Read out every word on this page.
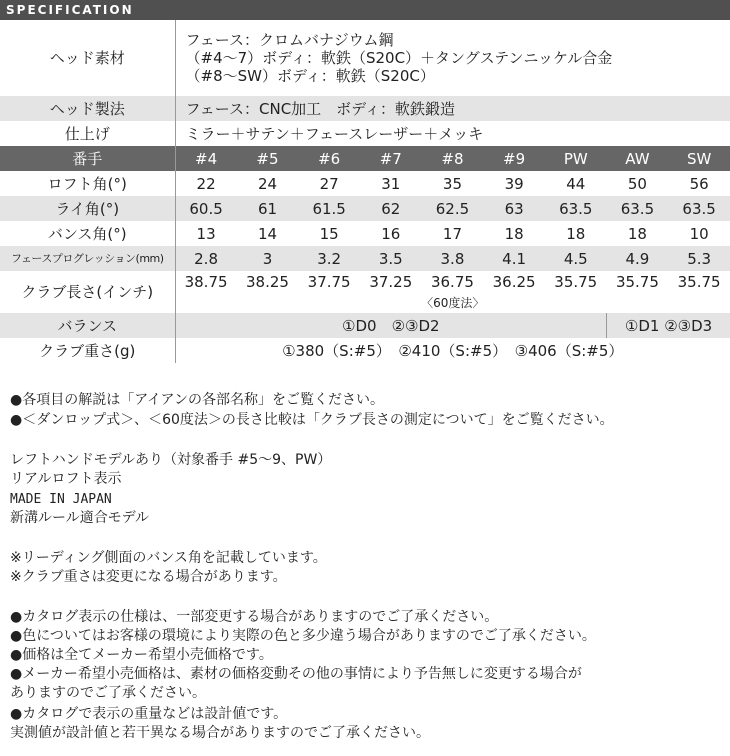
SPECIFICATION
ヘッド素材	フェース：クロムバナジウム鋼
（#4～7）ボディ：軟鉄（S20C）＋タングステンニッケル合金
（#8～SW）ボディ：軟鉄（S20C）								

ヘッド製法	フェース：CNC加工　ボディ：軟鉄鍛造								
仕上げ	ミラー＋サテン＋フェースレーザー＋メッキ								
番手	#4	#5	#6	#7	#8	#9	PW	AW	SW
ロフト角(°)	22	24	27	31	35	39	44	50	56
ライ角(°)	60.5	61	61.5	62	62.5	63	63.5	63.5	63.5
バンス角(°)	13	14	15	16	17	18	18	18	10
フェースプログレッション(mm)	2.8	3	3.2	3.5	3.8	4.1	4.5	4.9	5.3
クラブ長さ(インチ)	38.75	38.25	37.75	37.25	36.75	36.25	35.75	35.75	35.75
	〈60度法〉								
バランス	①D0　②③D2							①D1 ②③D3	
クラブ重さ(g)	①380（S:#5）　②410（S:#5）　③406（S:#5）								
●各項目の解説は「アイアンの各部名称」をご覧ください。
●＜ダンロップ式＞、＜60度法＞の長さ比較は「クラブ長さの測定について」をご覧ください。
レフトハンドモデルあり（対象番手 #5～9、PW）
リアルロフト表示
MADE IN JAPAN
新溝ルール適合モデル
※リーディング側面のバンス角を記載しています。
※クラブ重さは変更になる場合があります。
●カタログ表示の仕様は、一部変更する場合がありますのでご了承ください。
●色についてはお客様の環境により実際の色と多少違う場合がありますのでご了承ください。
●価格は全てメーカー希望小売価格です。
●メーカー希望小売価格は、素材の価格変動その他の事情により予告無しに変更する場合が
ありますのでご了承ください。
●カタログで表示の重量などは設計値です。
実測値が設計値と若干異なる場合がありますのでご了承ください。
